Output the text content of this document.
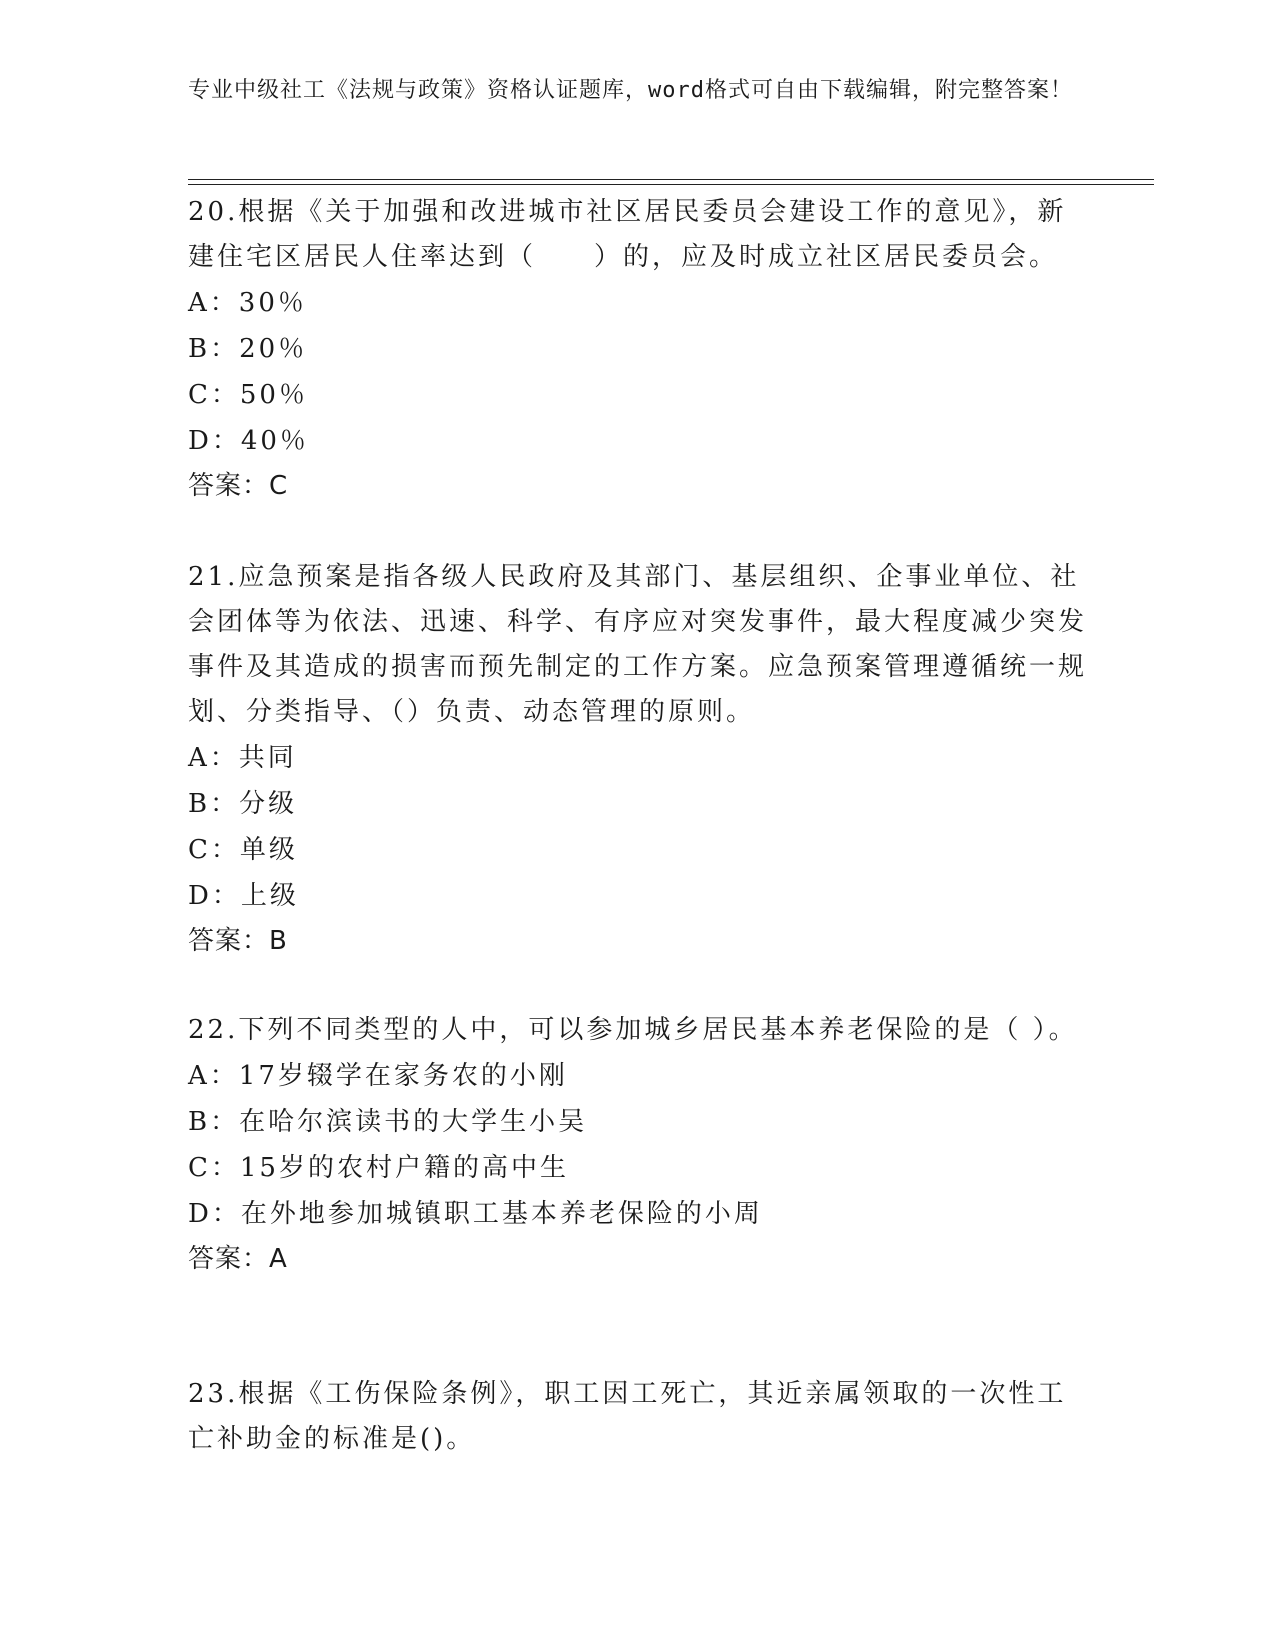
专业中级社工《法规与政策》资格认证题库，word格式可自由下载编辑，附完整答案！
20.根据《关于加强和改进城市社区居民委员会建设工作的意见》，新建住宅区居民人住率达到（　　）的，应及时成立社区居民委员会。
A：30％
B：20％
C：50％
D：40％
答案：C
21.应急预案是指各级人民政府及其部门、基层组织、企事业单位、社会团体等为依法、迅速、科学、有序应对突发事件，最大程度减少突发事件及其造成的损害而预先制定的工作方案。应急预案管理遵循统一规划、分类指导、（）负责、动态管理的原则。
A：共同
B：分级
C：单级
D：上级
答案：B
22.下列不同类型的人中，可以参加城乡居民基本养老保险的是（ ）。
A：17岁辍学在家务农的小刚
B：在哈尔滨读书的大学生小吴
C：15岁的农村户籍的高中生
D：在外地参加城镇职工基本养老保险的小周
答案：A
23.根据《工伤保险条例》，职工因工死亡，其近亲属领取的一次性工亡补助金的标准是()。
